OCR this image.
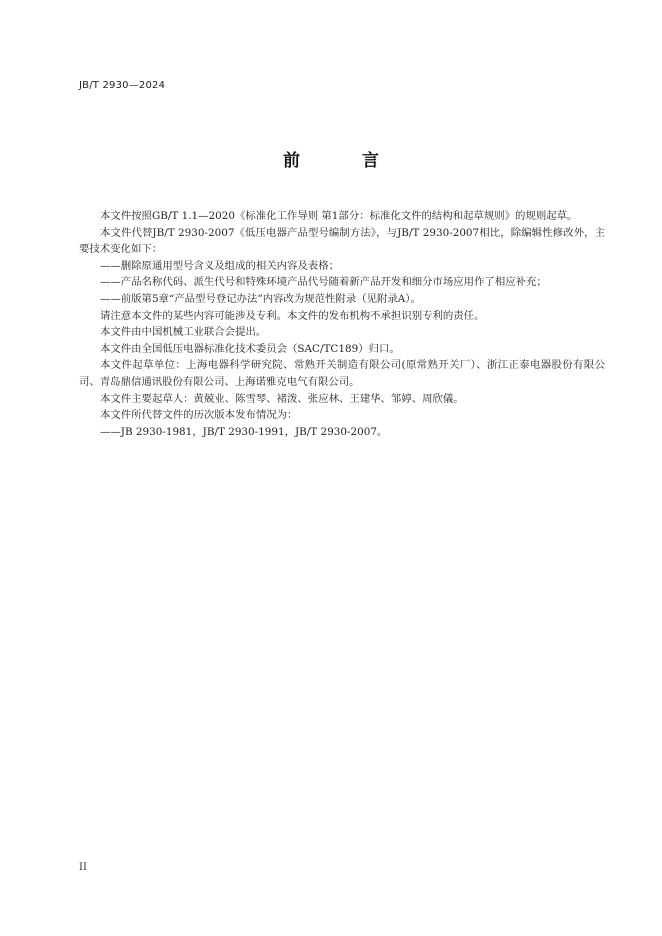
JB/T 2930—2024
前 言

本文件按照GB/T 1.1—2020《标准化工作导则 第1部分：标准化文件的结构和起草规则》的规则起草。

本文件代替JB/T 2930-2007《低压电器产品型号编制方法》，与JB/T 2930-2007相比，除编辑性修改外，主要技术变化如下：

——删除原通用型号含义及组成的相关内容及表格；

——产品名称代码、派生代号和特殊环境产品代号随着新产品开发和细分市场应用作了相应补充；

——前版第5章“产品型号登记办法”内容改为规范性附录（见附录A）。

请注意本文件的某些内容可能涉及专利。本文件的发布机构不承担识别专利的责任。

本文件由中国机械工业联合会提出。

本文件由全国低压电器标准化技术委员会（SAC/TC189）归口。

本文件起草单位：上海电器科学研究院、常熟开关制造有限公司(原常熟开关厂）、浙江正泰电器股份有限公司、青岛鼎信通讯股份有限公司、上海诺雅克电气有限公司。

本文件主要起草人：黄兢业、陈雪琴、褚泼、张应林、王建华、邹婷、周欣儀。

本文件所代替文件的历次版本发布情况为：

——JB 2930-1981，JB/T 2930-1991，JB/T 2930-2007。

II
